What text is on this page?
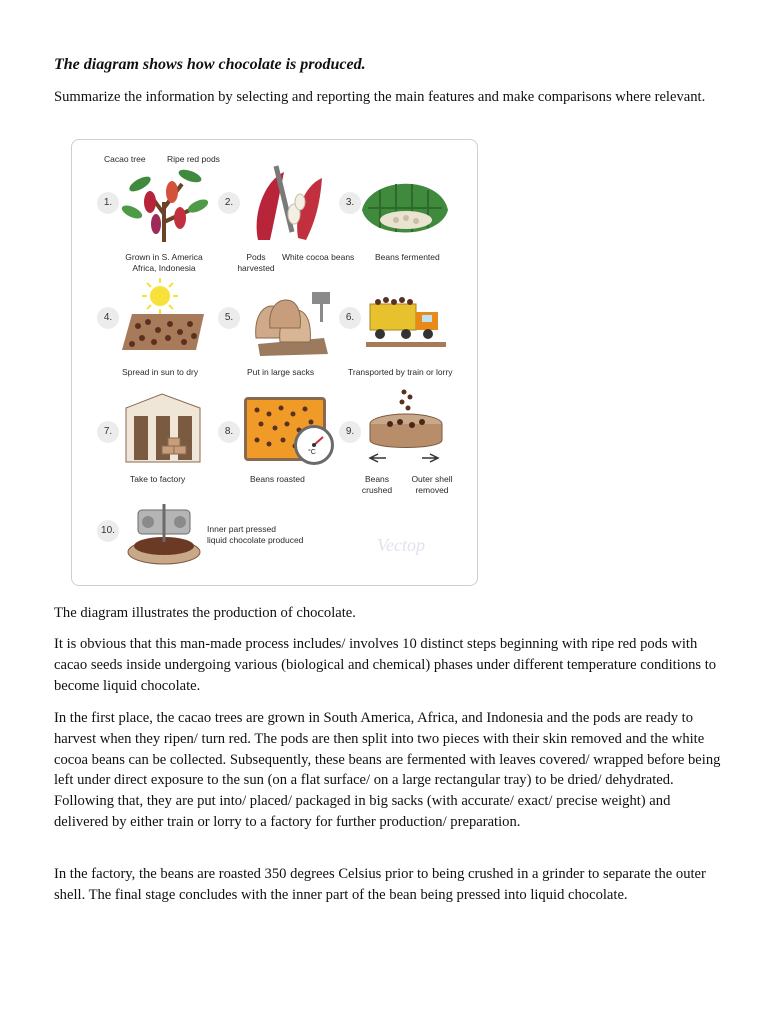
The diagram shows how chocolate is produced.

Summarize the information by selecting and reporting the main features and make comparisons where relevant.

Cacao tree	Ripe red pods
1.
Grown in S. America
Africa, Indonesia
2.
Pods
harvested
White cocoa beans
3.
Beans fermented
4.
Spread in sun to dry
5.
Put in large sacks
6.
Transported by train or lorry
7.
Take to factory
8.
°C
Beans roasted
9.
Beans
crushed
Outer shell
removed
10.	Inner part pressed
liquid chocolate produced	Vectop

The diagram illustrates the production of chocolate.

It is obvious that this man-made process includes/ involves 10 distinct steps beginning with ripe red pods with cacao seeds inside undergoing various (biological and chemical) phases under different temperature conditions to become liquid chocolate.

In the first place, the cacao trees are grown in South America, Africa, and Indonesia and the pods are ready to harvest when they ripen/ turn red. The pods are then split into two pieces with their skin removed and the white cocoa beans can be collected. Subsequently, these beans are fermented with leaves covered/ wrapped before being left under direct exposure to the sun (on a flat surface/ on a large rectangular tray) to be dried/ dehydrated. Following that, they are put into/ placed/ packaged in big sacks (with accurate/ exact/ precise weight) and delivered by either train or lorry to a factory for further production/ preparation.

In the factory, the beans are roasted 350 degrees Celsius prior to being crushed in a grinder to separate the outer shell. The final stage concludes with the inner part of the bean being pressed into liquid chocolate.
